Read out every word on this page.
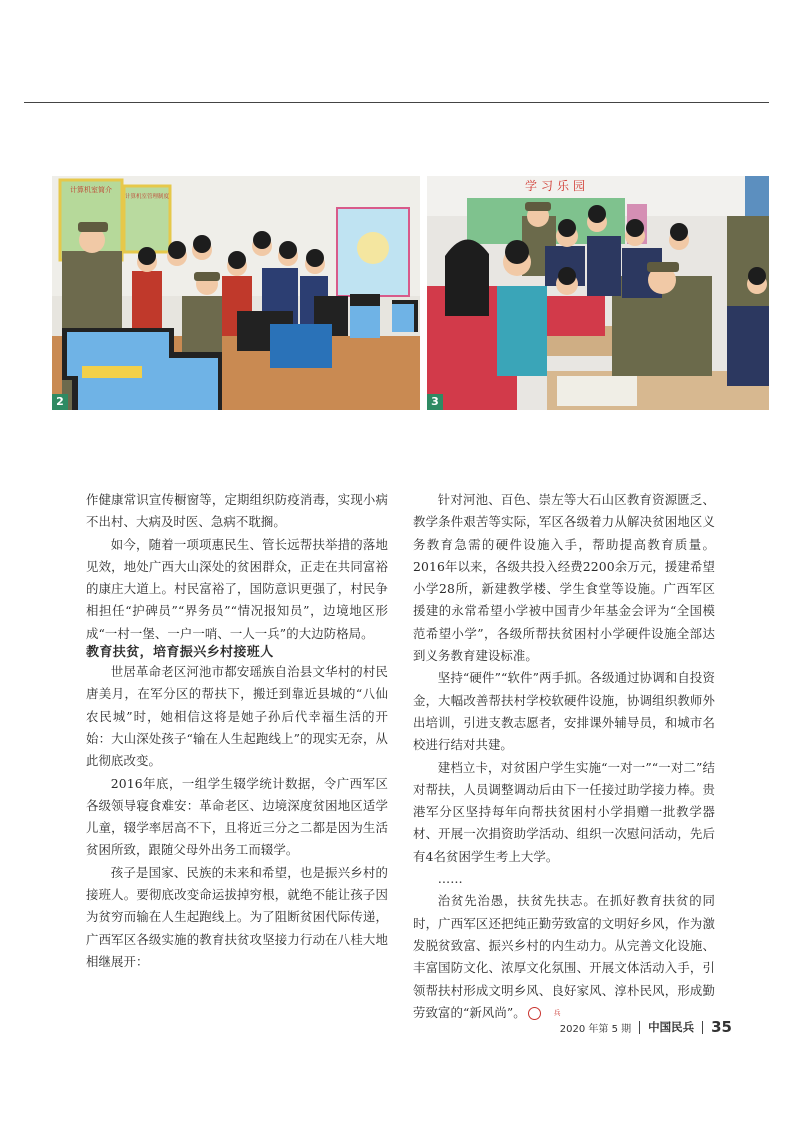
计算机室简介
计算机室管理制度
2
学习乐园
3

作健康常识宣传橱窗等，定期组织防疫消毒，实现小病不出村、大病及时医、急病不耽搁。

如今，随着一项项惠民生、管长远帮扶举措的落地见效，地处广西大山深处的贫困群众，正走在共同富裕的康庄大道上。村民富裕了，国防意识更强了，村民争相担任“护碑员”“界务员”“情况报知员”，边境地区形成“一村一堡、一户一哨、一人一兵”的大边防格局。

教育扶贫，培育振兴乡村接班人

世居革命老区河池市都安瑶族自治县文华村的村民唐美月，在军分区的帮扶下，搬迁到靠近县城的“八仙农民城”时，她相信这将是她子孙后代幸福生活的开始：大山深处孩子“输在人生起跑线上”的现实无奈，从此彻底改变。

2016年底，一组学生辍学统计数据，令广西军区各级领导寝食难安：革命老区、边境深度贫困地区适学儿童，辍学率居高不下，且将近三分之二都是因为生活贫困所致，跟随父母外出务工而辍学。

孩子是国家、民族的未来和希望，也是振兴乡村的接班人。要彻底改变命运拔掉穷根，就绝不能让孩子因为贫穷而输在人生起跑线上。为了阻断贫困代际传递，广西军区各级实施的教育扶贫攻坚接力行动在八桂大地相继展开：

针对河池、百色、崇左等大石山区教育资源匮乏、教学条件艰苦等实际，军区各级着力从解决贫困地区义务教育急需的硬件设施入手，帮助提高教育质量。2016年以来，各级共投入经费2200余万元，援建希望小学28所，新建教学楼、学生食堂等设施。广西军区援建的永常希望小学被中国青少年基金会评为“全国模范希望小学”，各级所帮扶贫困村小学硬件设施全部达到义务教育建设标准。

坚持“硬件”“软件”两手抓。各级通过协调和自投资金，大幅改善帮扶村学校软硬件设施，协调组织教师外出培训，引进支教志愿者，安排课外辅导员，和城市名校进行结对共建。

建档立卡，对贫困户学生实施“一对一”“一对二”结对帮扶，人员调整调动后由下一任接过助学接力棒。贵港军分区坚持每年向帮扶贫困村小学捐赠一批教学器材、开展一次捐资助学活动、组织一次慰问活动，先后有4名贫困学生考上大学。

……

治贫先治愚，扶贫先扶志。在抓好教育扶贫的同时，广西军区还把纯正勤劳致富的文明好乡风，作为激发脱贫致富、振兴乡村的内生动力。从完善文化设施、丰富国防文化、浓厚文化氛围、开展文体活动入手，引领帮扶村形成文明乡风、良好家风、淳朴民风，形成勤劳致富的“新风尚”。	兵

2020 年第 5 期 中国民兵 35
